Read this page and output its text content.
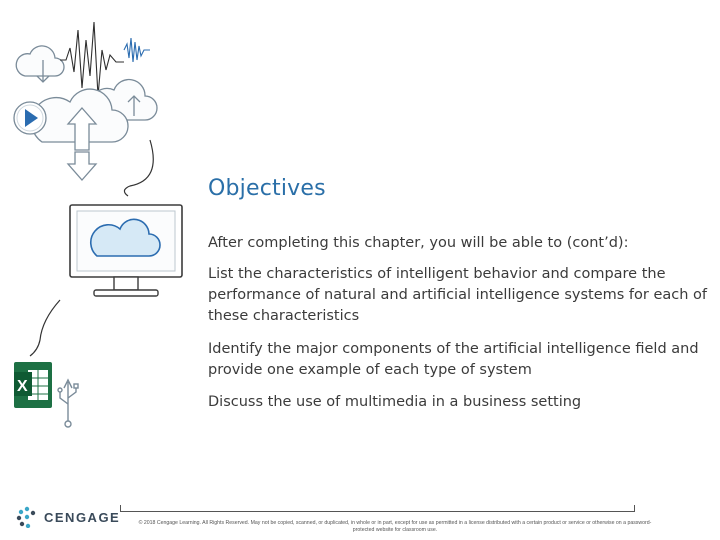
X
Objectives
After completing this chapter, you will be able to (cont’d):
List the characteristics of intelligent behavior and compare the performance of natural and artificial intelligence systems for each of these characteristics
Identify the major components of the artificial intelligence field and provide one example of each type of system
Discuss the use of multimedia in a business setting
CENGAGE	© 2018 Cengage Learning. All Rights Reserved. May not be copied, scanned, or duplicated, in whole or in part, except for use as permitted in a license distributed with a certain product or service or otherwise on a password-protected website for classroom use.
